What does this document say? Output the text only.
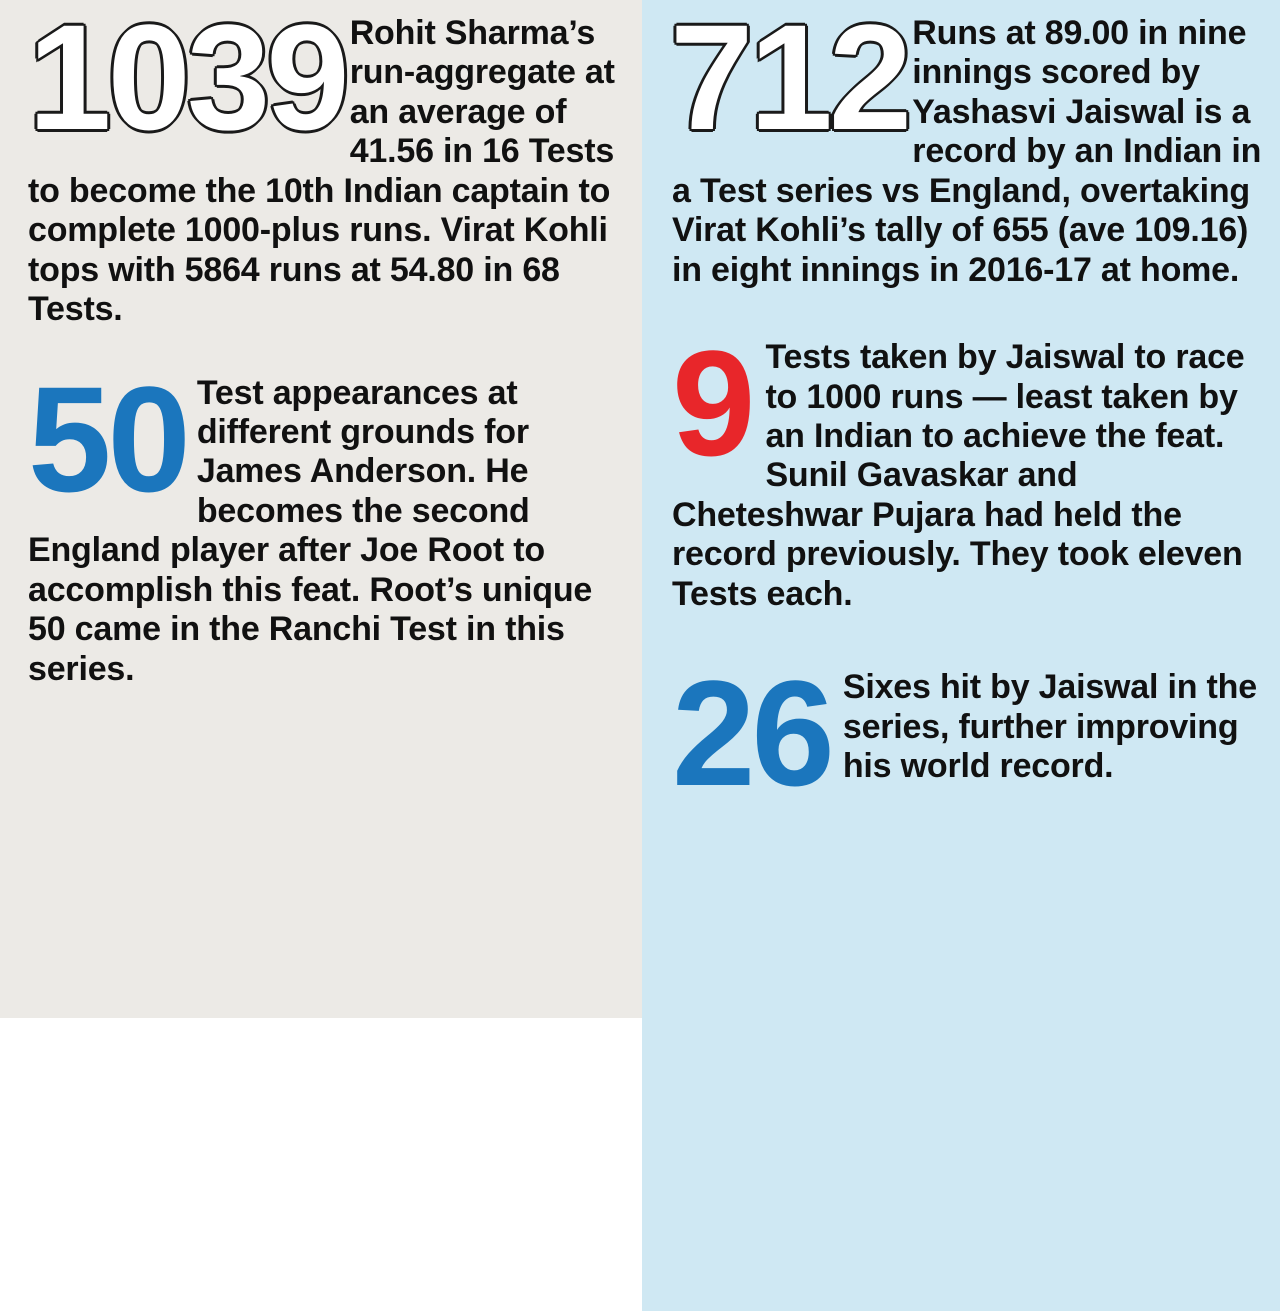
1039 Rohit Sharma’s run-aggregate at an average of 41.56 in 16 Tests to become the 10th Indian captain to complete 1000-plus runs. Virat Kohli tops with 5864 runs at 54.80 in 68 Tests.

50 Test appearances at different grounds for James Anderson. He becomes the second England player after Joe Root to accomplish this feat. Root’s unique 50 came in the Ranchi Test in this series.

712 Runs at 89.00 in nine innings scored by Yashasvi Jaiswal is a record by an Indian in a Test series vs England, overtaking Virat Kohli’s tally of 655 (ave 109.16) in eight innings in 2016-17 at home.

9 Tests taken by Jaiswal to race to 1000 runs — least taken by an Indian to achieve the feat. Sunil Gavaskar and Cheteshwar Pujara had held the record previously. They took eleven Tests each.

26 Sixes hit by Jaiswal in the series, further improving his world record.
